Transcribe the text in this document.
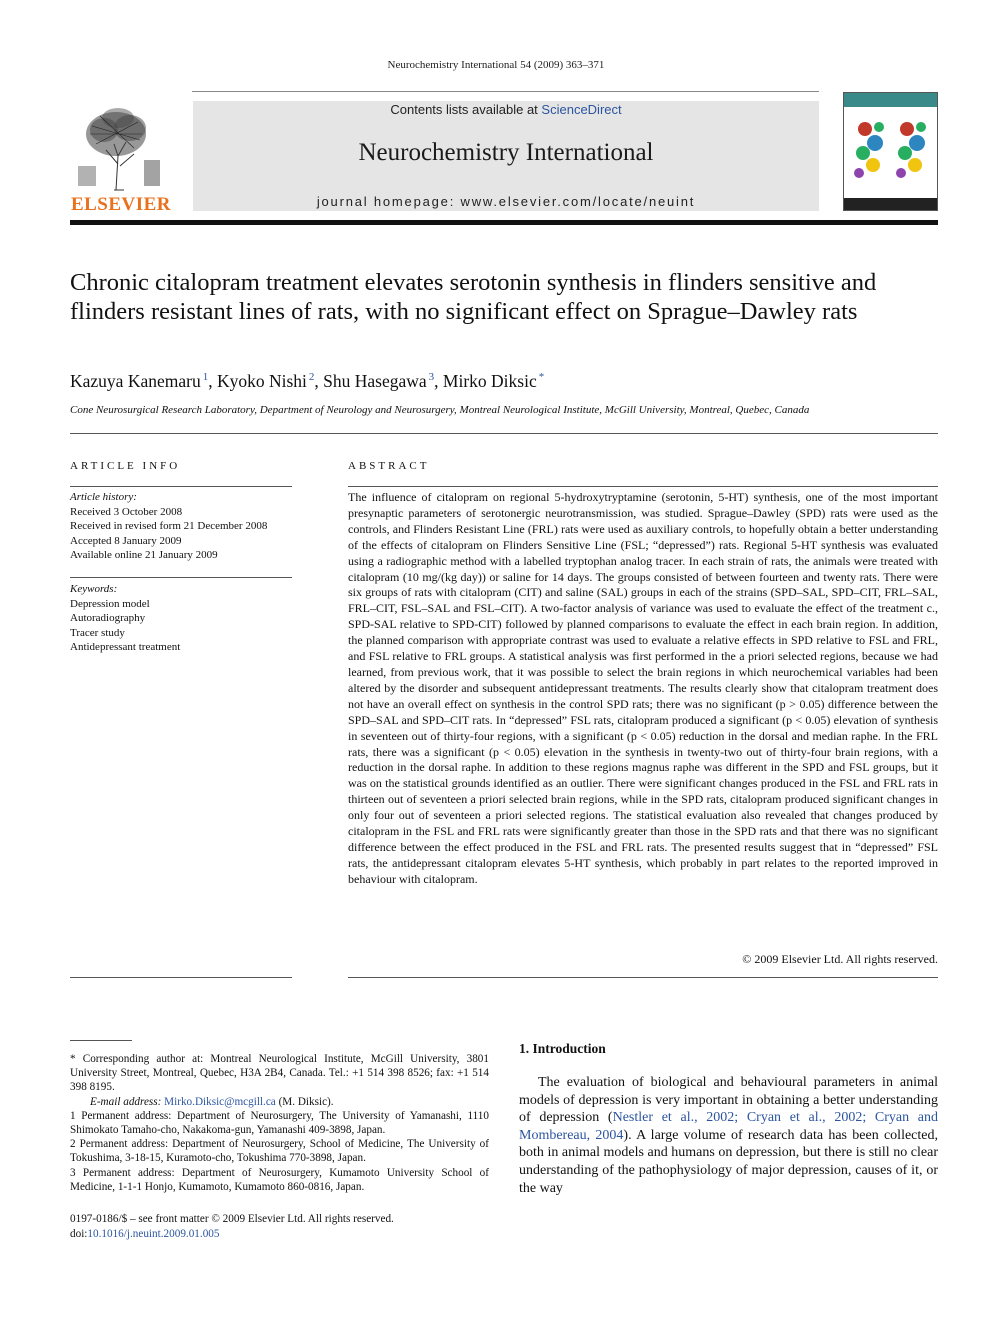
Neurochemistry International 54 (2009) 363–371
ELSEVIER
Contents lists available at ScienceDirect
Neurochemistry International
journal homepage: www.elsevier.com/locate/neuint
Chronic citalopram treatment elevates serotonin synthesis in flinders sensitive and flinders resistant lines of rats, with no significant effect on Sprague–Dawley rats
Kazuya Kanemaru $^1$, Kyoko Nishi $^2$, Shu Hasegawa $^3$, Mirko Diksic *
Cone Neurosurgical Research Laboratory, Department of Neurology and Neurosurgery, Montreal Neurological Institute, McGill University, Montreal, Quebec, Canada
ARTICLE INFO
Article history:
Received 3 October 2008
Received in revised form 21 December 2008
Accepted 8 January 2009
Available online 21 January 2009
Keywords:
Depression model
Autoradiography
Tracer study
Antidepressant treatment
ABSTRACT
The influence of citalopram on regional 5-hydroxytryptamine (serotonin, 5-HT) synthesis, one of the most important presynaptic parameters of serotonergic neurotransmission, was studied. Sprague–Dawley (SPD) rats were used as the controls, and Flinders Resistant Line (FRL) rats were used as auxiliary controls, to hopefully obtain a better understanding of the effects of citalopram on Flinders Sensitive Line (FSL; “depressed”) rats. Regional 5-HT synthesis was evaluated using a radiographic method with a labelled tryptophan analog tracer. In each strain of rats, the animals were treated with citalopram (10 mg/(kg day)) or saline for 14 days. The groups consisted of between fourteen and twenty rats. There were six groups of rats with citalopram (CIT) and saline (SAL) groups in each of the strains (SPD–SAL, SPD–CIT, FRL–SAL, FRL–CIT, FSL–SAL and FSL–CIT). A two-factor analysis of variance was used to evaluate the effect of the treatment c., SPD-SAL relative to SPD-CIT) followed by planned comparisons to evaluate the effect in each brain region. In addition, the planned comparison with appropriate contrast was used to evaluate a relative effects in SPD relative to FSL and FRL, and FSL relative to FRL groups. A statistical analysis was first performed in the a priori selected regions, because we had learned, from previous work, that it was possible to select the brain regions in which neurochemical variables had been altered by the disorder and subsequent antidepressant treatments. The results clearly show that citalopram treatment does not have an overall effect on synthesis in the control SPD rats; there was no significant (p > 0.05) difference between the SPD–SAL and SPD–CIT rats. In “depressed” FSL rats, citalopram produced a significant (p < 0.05) elevation of synthesis in seventeen out of thirty-four regions, with a significant (p < 0.05) reduction in the dorsal and median raphe. In the FRL rats, there was a significant (p < 0.05) elevation in the synthesis in twenty-two out of thirty-four brain regions, with a reduction in the dorsal raphe. In addition to these regions magnus raphe was different in the SPD and FSL groups, but it was on the statistical grounds identified as an outlier. There were significant changes produced in the FSL and FRL rats in thirteen out of seventeen a priori selected brain regions, while in the SPD rats, citalopram produced significant changes in only four out of seventeen a priori selected regions. The statistical evaluation also revealed that changes produced by citalopram in the FSL and FRL rats were significantly greater than those in the SPD rats and that there was no significant difference between the effect produced in the FSL and FRL rats. The presented results suggest that in “depressed” FSL rats, the antidepressant citalopram elevates 5-HT synthesis, which probably in part relates to the reported improved in behaviour with citalopram.
© 2009 Elsevier Ltd. All rights reserved.

* Corresponding author at: Montreal Neurological Institute, McGill University, 3801 University Street, Montreal, Quebec, H3A 2B4, Canada. Tel.: +1 514 398 8526; fax: +1 514 398 8195.

E-mail address: Mirko.Diksic@mcgill.ca (M. Diksic).

1 Permanent address: Department of Neurosurgery, The University of Yamanashi, 1110 Shimokato Tamaho-cho, Nakakoma-gun, Yamanashi 409-3898, Japan.

2 Permanent address: Department of Neurosurgery, School of Medicine, The University of Tokushima, 3-18-15, Kuramoto-cho, Tokushima 770-3898, Japan.

3 Permanent address: Department of Neurosurgery, Kumamoto University School of Medicine, 1-1-1 Honjo, Kumamoto, Kumamoto 860-0816, Japan.

0197-0186/$ – see front matter © 2009 Elsevier Ltd. All rights reserved.
doi:10.1016/j.neuint.2009.01.005
1. Introduction
The evaluation of biological and behavioural parameters in animal models of depression is very important in obtaining a better understanding of depression (Nestler et al., 2002; Cryan et al., 2002; Cryan and Mombereau, 2004). A large volume of research data has been collected, both in animal models and humans on depression, but there is still no clear understanding of the pathophysiology of major depression, causes of it, or the way
